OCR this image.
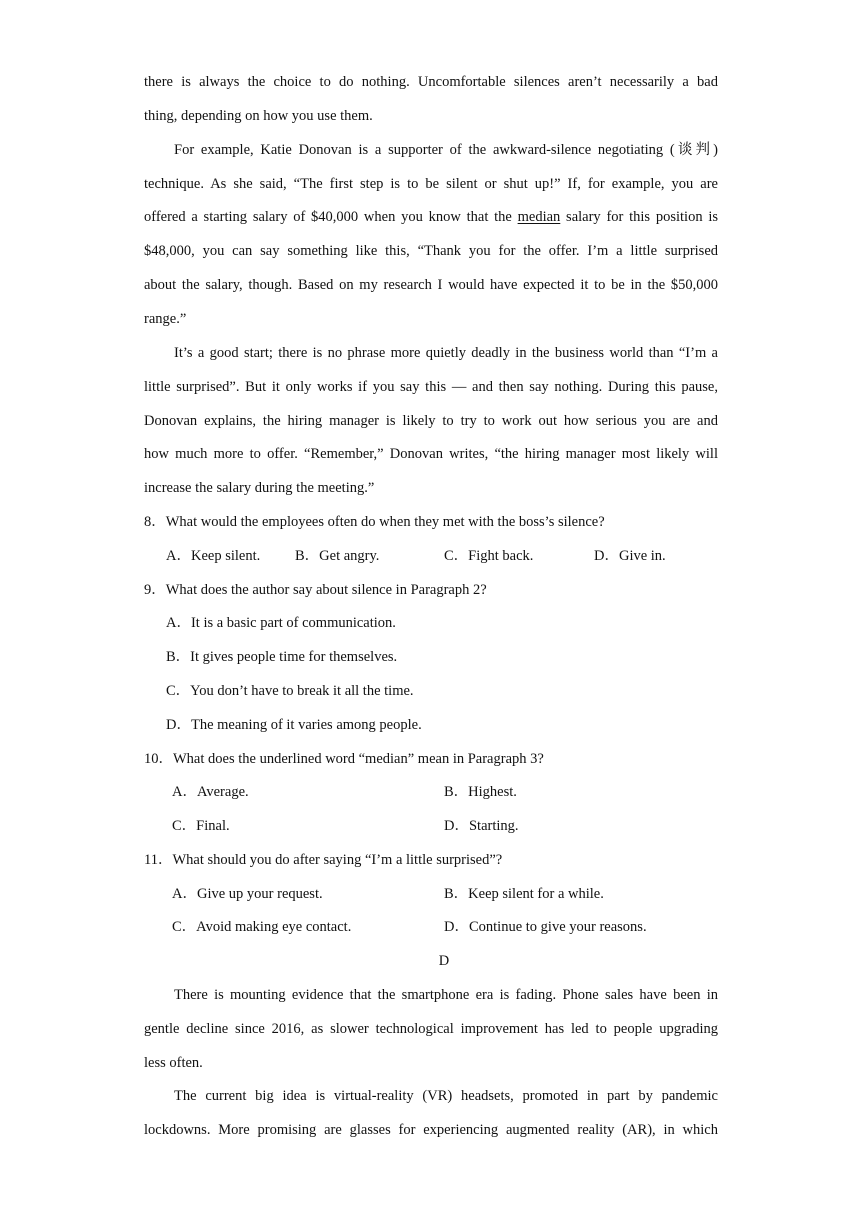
there is always the choice to do nothing. Uncomfortable silences aren’t necessarily a bad
thing, depending on how you use them.
For example, Katie Donovan is a supporter of the awkward-silence negotiating (谈判)
technique. As she said, “The first step is to be silent or shut up!” If, for example, you are
offered a starting salary of $40,000 when you know that the median salary for this position is
$48,000, you can say something like this, “Thank you for the offer. I’m a little surprised
about the salary, though. Based on my research I would have expected it to be in the $50,000
range.”
It’s a good start; there is no phrase more quietly deadly in the business world than “I’m a
little surprised”. But it only works if you say this — and then say nothing. During this pause,
Donovan explains, the hiring manager is likely to try to work out how serious you are and
how much more to offer. “Remember,” Donovan writes, “the hiring manager most likely will
increase the salary during the meeting.”
8．What would the employees often do when they met with the boss’s silence?
A．Keep silent. B．Get angry.	C．Fight back.	D．Give in.
9．What does the author say about silence in Paragraph 2?
A．It is a basic part of communication.
B．It gives people time for themselves.
C．You don’t have to break it all the time.
D．The meaning of it varies among people.
10．What does the underlined word “median” mean in Paragraph 3?
A．Average.	B．Highest.
C．Final.	D．Starting.
11．What should you do after saying “I’m a little surprised”?
A．Give up your request.	B．Keep silent for a while.
C．Avoid making eye contact.	D．Continue to give your reasons.
D
There is mounting evidence that the smartphone era is fading. Phone sales have been in
gentle decline since 2016, as slower technological improvement has led to people upgrading
less often.
The current big idea is virtual-reality (VR) headsets, promoted in part by pandemic
lockdowns. More promising are glasses for experiencing augmented reality (AR), in which
